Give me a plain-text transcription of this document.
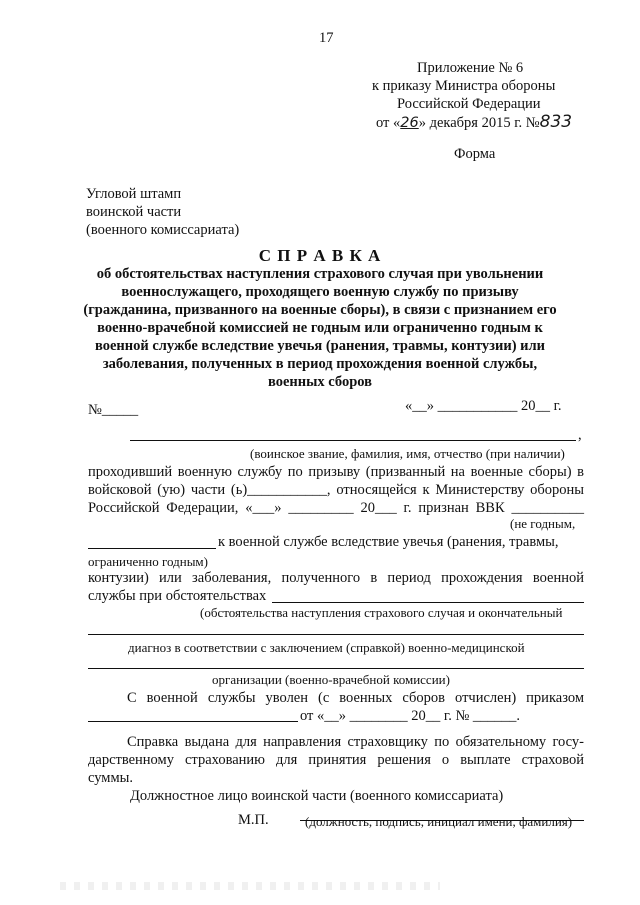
17
Приложение № 6
к приказу Министра обороны
Российской Федерации
от «26» декабря 2015 г. №833
Форма
Угловой штамп
воинской части
(военного комиссариата)
С П Р А В К А
об обстоятельствах наступления страхового случая при увольнении
военнослужащего, проходящего военную службу по призыву
(гражданина, призванного на военные сборы), в связи с признанием его
военно-врачебной комиссией не годным или ограниченно годным к
военной службе вследствие увечья (ранения, травмы, контузии) или
заболевания, полученных в период прохождения военной службы,
военных сборов
№_____	«__» ___________ 20__ г.
,
(воинское звание, фамилия, имя, отчество (при наличии)
проходивший военную службу по призыву (призванный на военные сборы) в
войсковой (ую) части (ь)___________, относящейся к Министерству обороны
Российской Федерации, «___» _________ 20___ г. признан ВВК __________
(не годным,
к военной службе вследствие увечья (ранения, травмы,
ограниченно годным)
контузии) или заболевания, полученного в период прохождения военной
службы при обстоятельствах
(обстоятельства наступления страхового случая и окончательный
диагноз в соответствии с заключением (справкой) военно-медицинской
организации (военно-врачебной комиссии)
С военной службы уволен (с военных сборов отчислен) приказом
от «__» ________ 20__ г. № ______.
Справка выдана для направления страховщику по обязательному госу-
дарственному страхованию для принятия решения о выплате страховой
суммы.
Должностное лицо воинской части (военного комиссариата)
М.П.	(должность, подпись, инициал имени, фамилия)
